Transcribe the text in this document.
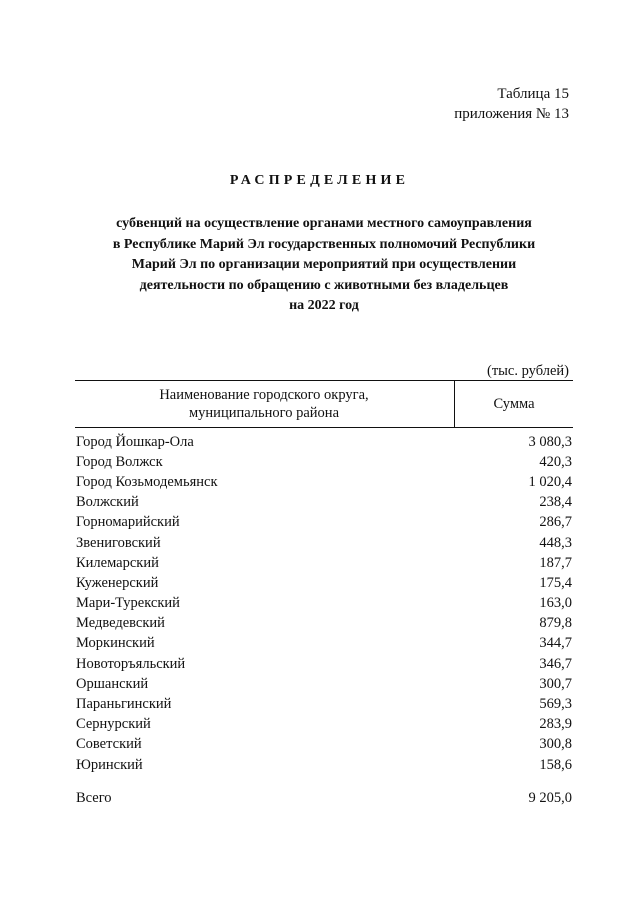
Таблица 15
приложения № 13
РАСПРЕДЕЛЕНИЕ
субвенций на осуществление органами местного самоуправления
в Республике Марий Эл государственных полномочий Республики
Марий Эл по организации мероприятий при осуществлении
деятельности по обращению с животными без владельцев
на 2022 год
(тыс. рублей)
Наименование городского округа,
муниципального района
Сумма
Город Йошкар-Ола	3 080,3
Город Волжск	420,3
Город Козьмодемьянск	1 020,4
Волжский	238,4
Горномарийский	286,7
Звениговский	448,3
Килемарский	187,7
Куженерский	175,4
Мари-Турекский	163,0
Медведевский	879,8
Моркинский	344,7
Новоторъяльский	346,7
Оршанский	300,7
Параньгинский	569,3
Сернурский	283,9
Советский	300,8
Юринский	158,6
Всего	9 205,0
